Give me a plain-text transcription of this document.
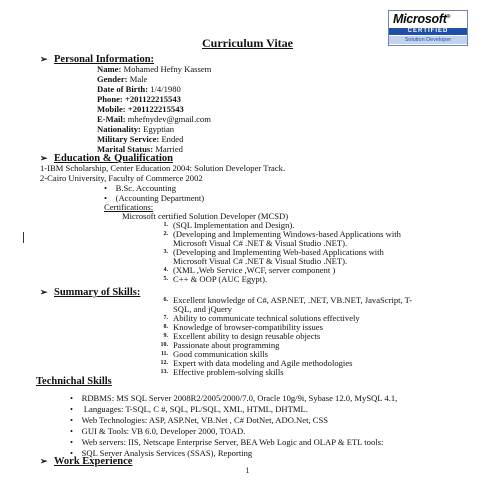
Microsoft®
CERTIFIED
Solution Developer
Curriculum Vitae
➢ Personal Information:
Name: Mohamed Hefny Kassem
Gender: Male
Date of Birth: 1/4/1980
Phone: +201122215543
Mobile: +201122215543
E-Mail: mhefnydev@gmail.com
Nationality: Egyptian
Military Service: Ended
Marital Status: Married
➢ Education & Qualification
1-IBM Scholarship, Center Education 2004: Solution Developer Track.
2-Cairo University, Faculty of Commerce 2002
• B.Sc. Accounting
• (Accounting Department)
Certifications:
Microsoft certified Solution Developer (MCSD)
1. (SQL Implementation and Design).
2. (Developing and Implementing Windows-based Applications with
Microsoft Visual C# .NET & Visual Studio .NET).
3. (Developing and Implementing Web-based Applications with
Microsoft Visual C# .NET & Visual Studio .NET).
4. (XML ,Web Service ,WCF, server component )
5. C++ & OOP (AUC Egypt).
➢ Summary of Skills:
6. Excellent knowledge of C#, ASP.NET, .NET, VB.NET, JavaScript, T-
SQL, and jQuery
7. Ability to communicate technical solutions effectively
8. Knowledge of browser-compatibility issues
9. Excellent ability to design reusable objects
10. Passionate about programming
11. Good communication skills
12. Expert with data modeling and Agile methodologies
13. Effective problem-solving skills
Technichal Skills
• RDBMS: MS SQL Server 2008R2/2005/2000/7.0, Oracle 10g/9i, Sybase 12.0, MySQL 4.1,
•     Languages: T-SQL, C #, SQL, PL/SQL, XML, HTML, DHTML.
• Web Technologies: ASP, ASP.Net, VB.Net , C# DotNet, ADO.Net, CSS
• GUI & Tools: VB 6.0, Developer 2000, TOAD.
• Web servers: IIS, Netscape Enterprise Server, BEA Web Logic and OLAP & ETL tools:
• SQL Server Analysis Services (SSAS), Reporting
➢ Work Experience
1
